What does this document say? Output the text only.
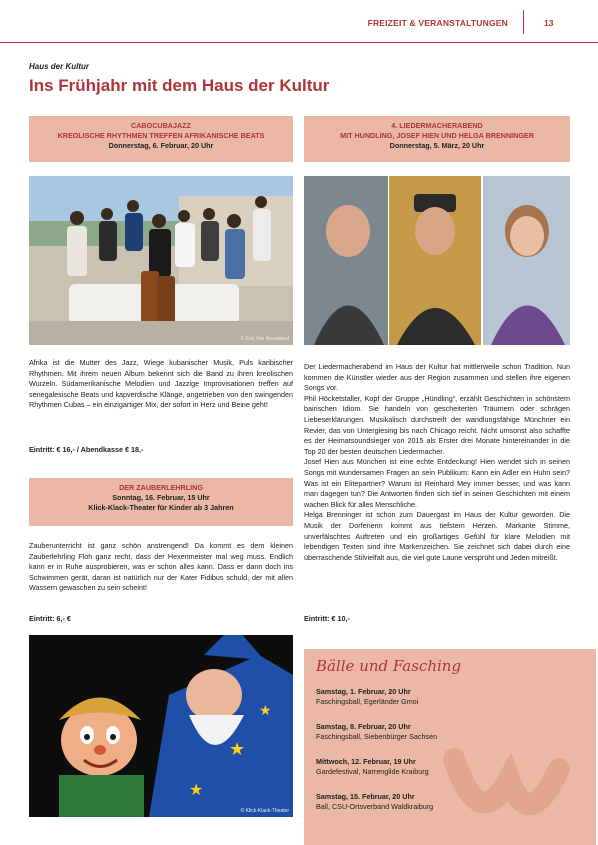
FREIZEIT & VERANSTALTUNGEN	13
Haus der Kultur
Ins Frühjahr mit dem Haus der Kultur
CABOCUBAJAZZ
KREOLISCHE RHYTHMEN TREFFEN AFRIKANISCHE BEATS
Donnerstag, 6. Februar, 20 Uhr
© Eric Van Nieuwland
Afrika ist die Mutter des Jazz, Wiege kubanischer Musik, Puls karibischer Rhythmen. Mit ihrem neuen Album bekennt sich die Band zu ihren kreolischen Wurzeln. Südamerikanische Melodien und Jazzige Improvisationen treffen auf senegalesische Beats und kapverdische Klänge, angetrieben von den swingenden Rhythmen Cubas – ein einzigartiger Mix, der sofort in Herz und Beine geht!
Eintritt: € 16,- / Abendkasse € 18,-
DER ZAUBERLEHRLING
Sonntag, 16. Februar, 15 Uhr
Klick-Klack-Theater für Kinder ab 3 Jahren
Zauberunterricht ist ganz schön anstrengend! Da kommt es dem kleinen Zauberlehrling Floh ganz recht, dass der Hexenmeister mal weg muss. Endlich kann er in Ruhe ausprobieren, was er schon alles kann. Dass er dann doch ins Schwimmen gerät, daran ist natürlich nur der Kater Fidibus schuld, der mit allen Wassern gewaschen zu sein scheint!
Eintritt: 6,- €
★
★
★
© Klick-Klack-Theater
4. LIEDERMACHERABEND
MIT HUNDLING, JOSEF HIEN UND HELGA BRENNINGER
Donnerstag, 5. März, 20 Uhr
Der Liedermacherabend im Haus der Kultur hat mittlerweile schon Tradition. Nun kommen die Künstler wieder aus der Region zusammen und stellen ihre eigenen Songs vor.
Phil Höcketstaller, Kopf der Gruppe „Hündling“, erzählt Geschichten in schönstem bairischen Idiom. Sie handeln von gescheiterten Träumern oder schrägen Liebeserklärungen. Musikalisch durchstreift der wandlungsfähige Münchner ein Revier, das von Untergiesing bis nach Chicago reicht. Nicht umsonst also schaffte es der Heimatsoundsieger von 2015 als Erster drei Monate hintereinander in die Top 20 der besten deutschen Liedermacher.
Josef Hien aus München ist eine echte Entdeckung! Hien wendet sich in seinen Songs mit wundersamen Fragen an sein Publikum: Kann ein Adler ein Huhn sein? Was ist ein Elitepartner? Warum ist Reinhard Mey immer besser, und was kann man dagegen tun? Die Antworten finden sich tief in seinen Geschichten mit einem wachen Blick für alles Menschliche.
Helga Brenninger ist schon zum Dauergast im Haus der Kultur geworden. Die Musik der Dorfenerin kommt aus tiefstem Herzen. Markante Stimme, unverfälschtes Auftreten und ein großartiges Gefühl für klare Melodien mit lebendigen Texten sind ihre Markenzeichen. Sie zeichnet sich dabei durch eine überraschende Stilvielfalt aus, die viel gute Laune versprüht und Jeden mitreißt.
Eintritt: € 10,-
Bälle und Fasching
Samstag, 1. Februar, 20 Uhr
Faschingsball, Egerländer Gmoi
Samstag, 8. Februar, 20 Uhr
Faschingsball, Siebenbürger Sachsen
Mittwoch, 12. Februar, 19 Uhr
Gardefestival, Narrengilde Kraiburg
Samstag, 15. Februar, 20 Uhr
Ball, CSU-Ortsverband Waldkraiburg
